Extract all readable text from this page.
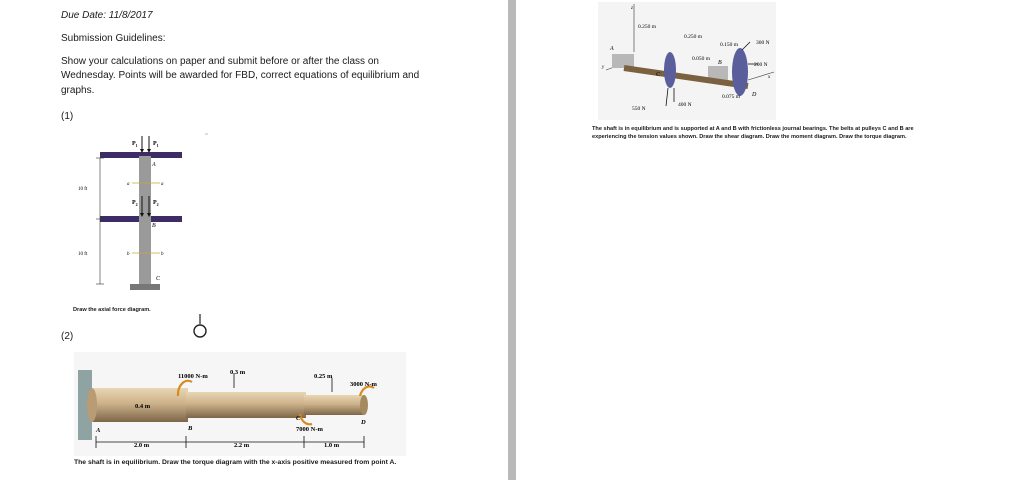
Due Date: 11/8/2017
Submission Guidelines:
Show your calculations on paper and submit before or after the class on
Wednesday. Points will be awarded for FBD, correct equations of equilibrium and
graphs.
(1)
$P_1$	$P_1$
$P_2$	$P_2$
A
B
C
a	a
b	b
10 ft
10 ft
Draw the axial force diagram.
(2)
11000 N-m
0.3 m
0.25 m
3000 N-m
0.4 m
7000 N-m
A	B
C
D
2.0 m	2.2 m	1.0 m
The shaft is in equilibrium. Draw the torque diagram with the x-axis positive measured from point A.
z
y
x
0.250 m
0.250 m
0.150 m	300 N
0.050 m
200 N
0.075 m
550 N
400 N
A
B
C
D
The shaft is in equilibrium and is supported at A and B with frictionless journal bearings. The belts at pulleys C and B are
experiencing the tension values shown. Draw the shear diagram. Draw the moment diagram. Draw the torque diagram.
